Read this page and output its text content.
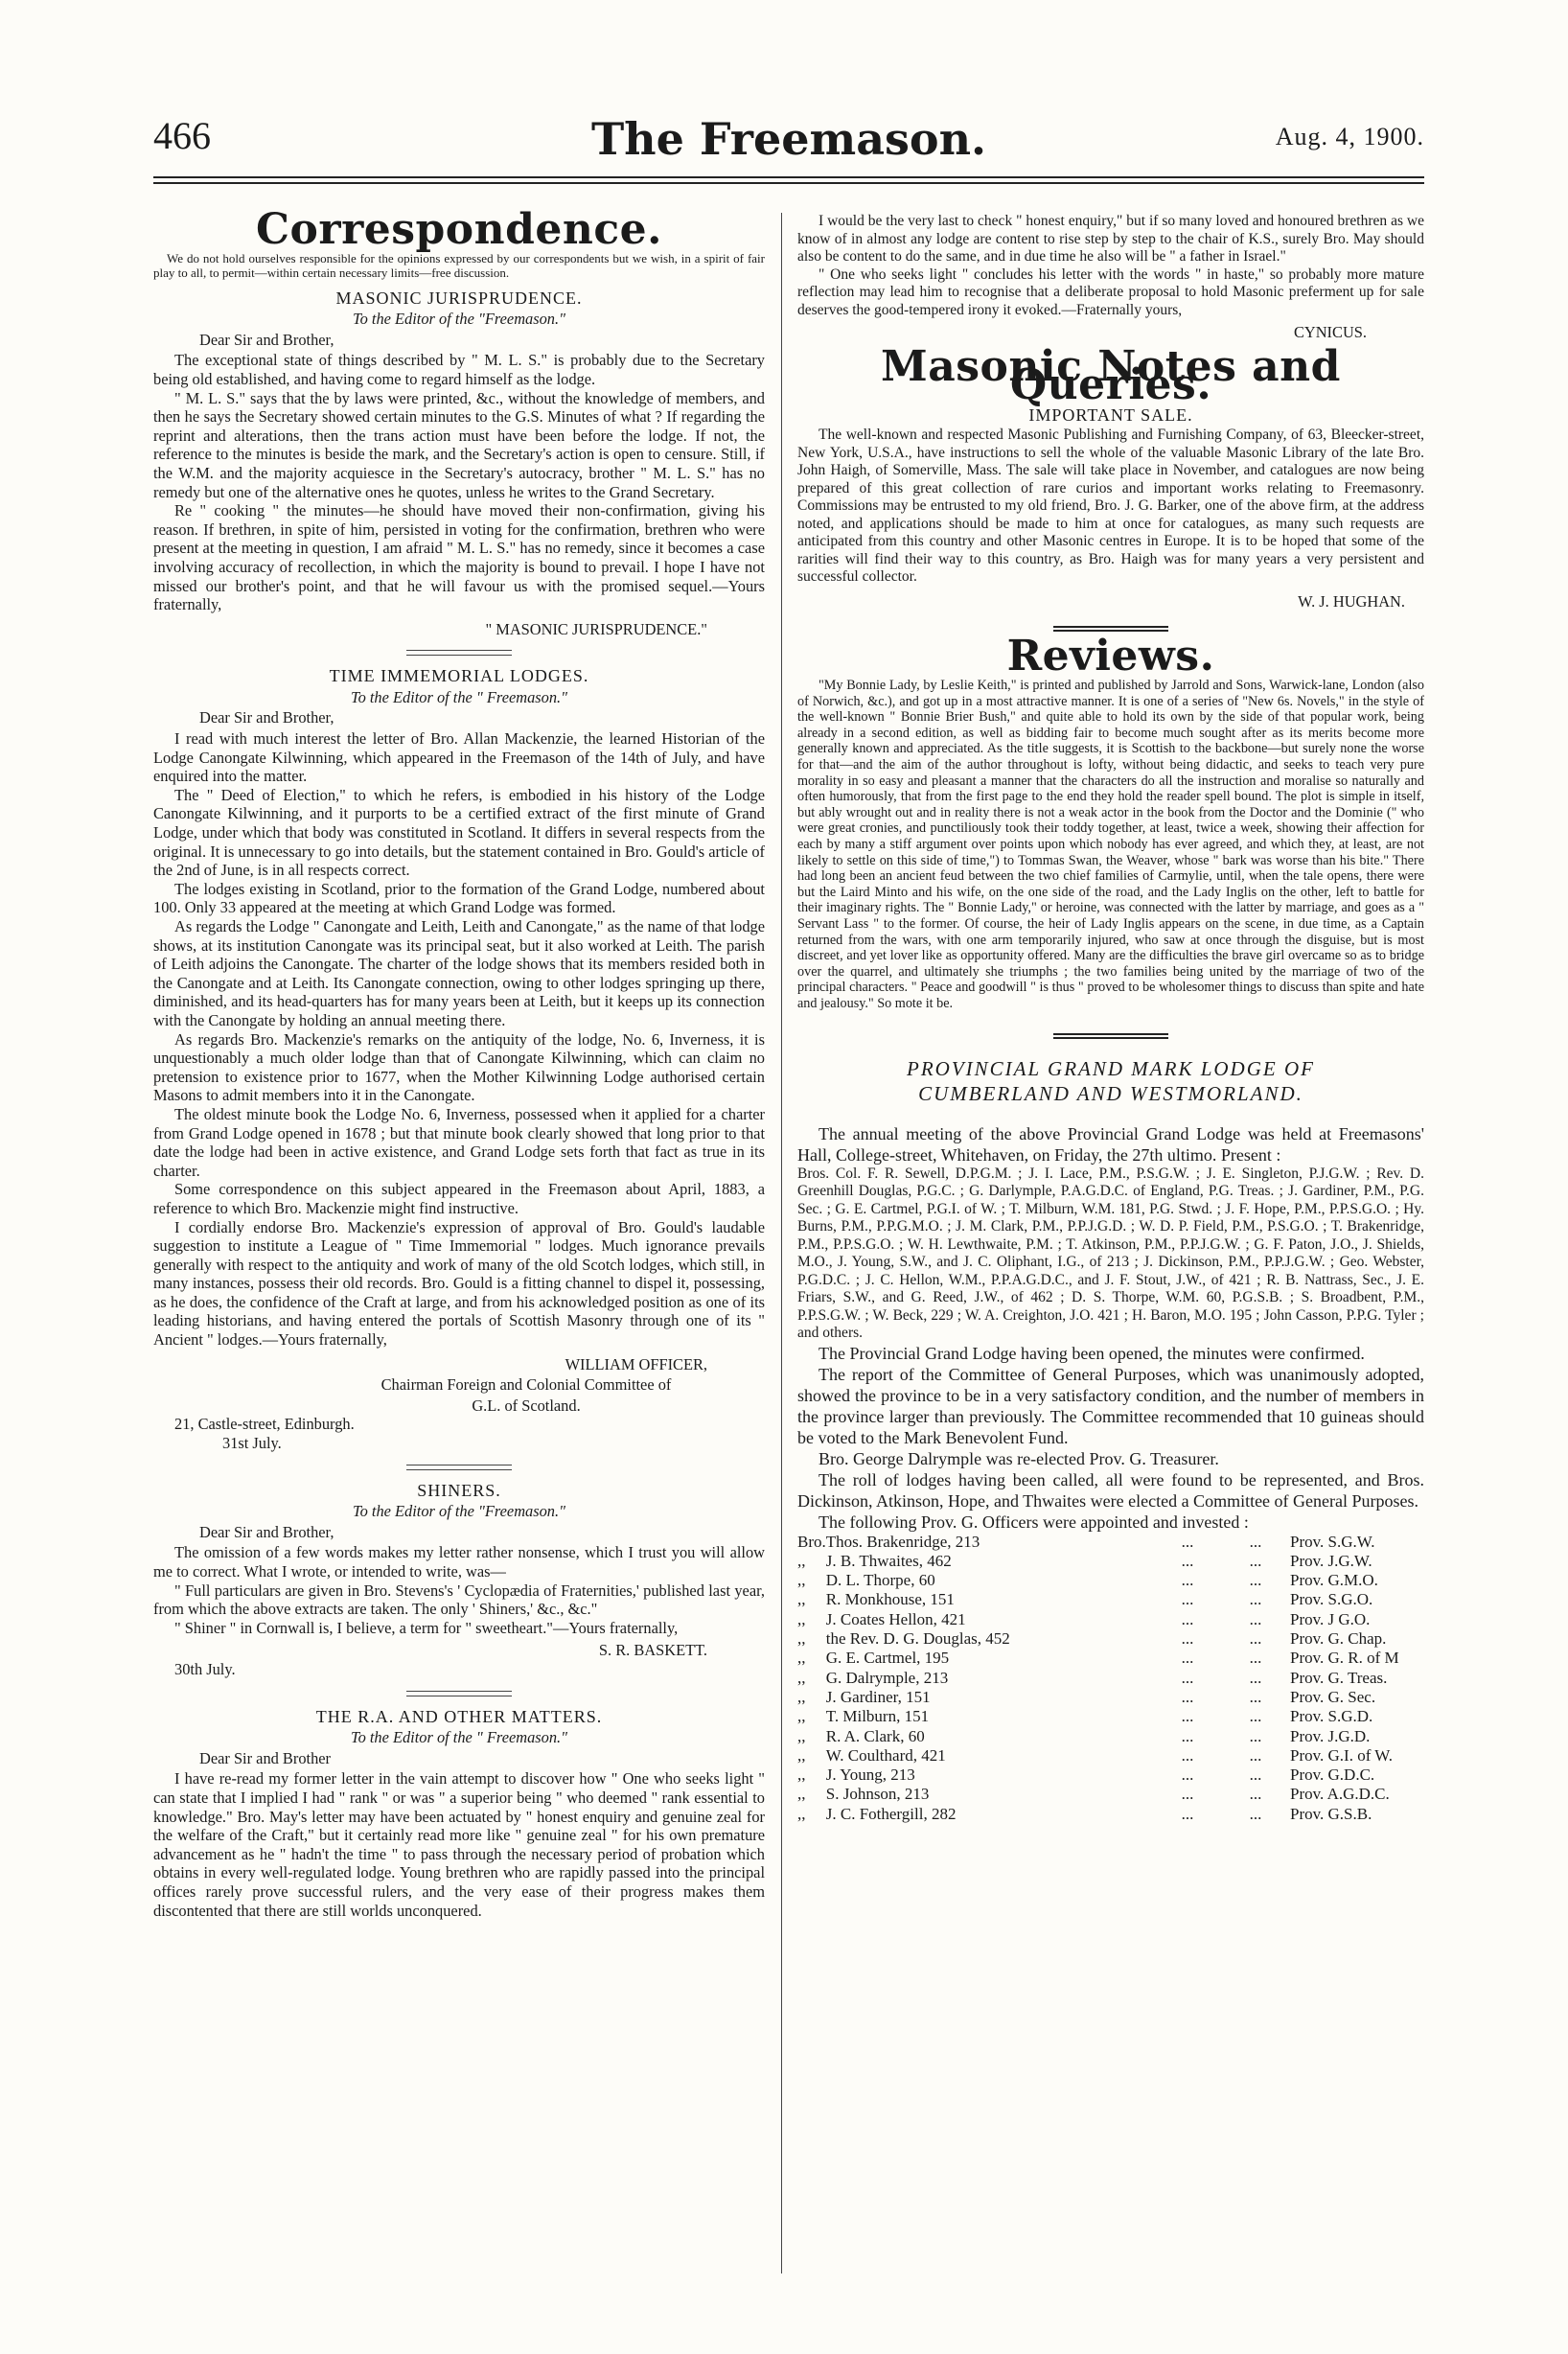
466	The Freemason.	Aug. 4, 1900.
Correspondence.

We do not hold ourselves responsible for the opinions expressed by our correspondents but we wish, in a spirit of fair play to all, to permit—within certain necessary limits—free discussion.

MASONIC JURISPRUDENCE.
To the Editor of the "Freemason."

Dear Sir and Brother,

The exceptional state of things described by " M. L. S." is probably due to the Secretary being old established, and having come to regard himself as the lodge.

" M. L. S." says that the by laws were printed, &c., without the knowledge of members, and then he says the Secretary showed certain minutes to the G.S. Minutes of what ? If regarding the reprint and alterations, then the trans action must have been before the lodge. If not, the reference to the minutes is beside the mark, and the Secretary's action is open to censure. Still, if the W.M. and the majority acquiesce in the Secretary's autocracy, brother " M. L. S." has no remedy but one of the alternative ones he quotes, unless he writes to the Grand Secretary.

Re " cooking " the minutes—he should have moved their non-confirmation, giving his reason. If brethren, in spite of him, persisted in voting for the confirmation, brethren who were present at the meeting in question, I am afraid " M. L. S." has no remedy, since it becomes a case involving accuracy of recollection, in which the majority is bound to prevail. I hope I have not missed our brother's point, and that he will favour us with the promised sequel.—Yours fraternally,

" MASONIC JURISPRUDENCE."

TIME IMMEMORIAL LODGES.
To the Editor of the " Freemason."

Dear Sir and Brother,

I read with much interest the letter of Bro. Allan Mackenzie, the learned Historian of the Lodge Canongate Kilwinning, which appeared in the Freemason of the 14th of July, and have enquired into the matter.

The " Deed of Election," to which he refers, is embodied in his history of the Lodge Canongate Kilwinning, and it purports to be a certified extract of the first minute of Grand Lodge, under which that body was constituted in Scotland. It differs in several respects from the original. It is unnecessary to go into details, but the statement contained in Bro. Gould's article of the 2nd of June, is in all respects correct.

The lodges existing in Scotland, prior to the formation of the Grand Lodge, numbered about 100. Only 33 appeared at the meeting at which Grand Lodge was formed.

As regards the Lodge " Canongate and Leith, Leith and Canongate," as the name of that lodge shows, at its institution Canongate was its principal seat, but it also worked at Leith. The parish of Leith adjoins the Canongate. The charter of the lodge shows that its members resided both in the Canongate and at Leith. Its Canongate connection, owing to other lodges springing up there, diminished, and its head-quarters has for many years been at Leith, but it keeps up its connection with the Canongate by holding an annual meeting there.

As regards Bro. Mackenzie's remarks on the antiquity of the lodge, No. 6, Inverness, it is unquestionably a much older lodge than that of Canongate Kilwinning, which can claim no pretension to existence prior to 1677, when the Mother Kilwinning Lodge authorised certain Masons to admit members into it in the Canongate.

The oldest minute book the Lodge No. 6, Inverness, possessed when it applied for a charter from Grand Lodge opened in 1678 ; but that minute book clearly showed that long prior to that date the lodge had been in active existence, and Grand Lodge sets forth that fact as true in its charter.

Some correspondence on this subject appeared in the Freemason about April, 1883, a reference to which Bro. Mackenzie might find instructive.

I cordially endorse Bro. Mackenzie's expression of approval of Bro. Gould's laudable suggestion to institute a League of " Time Immemorial " lodges. Much ignorance prevails generally with respect to the antiquity and work of many of the old Scotch lodges, which still, in many instances, possess their old records. Bro. Gould is a fitting channel to dispel it, possessing, as he does, the confidence of the Craft at large, and from his acknowledged position as one of its leading historians, and having entered the portals of Scottish Masonry through one of its " Ancient " lodges.—Yours fraternally,

WILLIAM OFFICER,

Chairman Foreign and Colonial Committee of

G.L. of Scotland.

21, Castle-street, Edinburgh.

31st July.

SHINERS.
To the Editor of the "Freemason."

Dear Sir and Brother,

The omission of a few words makes my letter rather nonsense, which I trust you will allow me to correct. What I wrote, or intended to write, was—

" Full particulars are given in Bro. Stevens's ' Cyclopædia of Fraternities,' published last year, from which the above extracts are taken. The only ' Shiners,' &c., &c."

" Shiner " in Cornwall is, I believe, a term for " sweetheart."—Yours fraternally,

S. R. BASKETT.

30th July.

THE R.A. AND OTHER MATTERS.
To the Editor of the " Freemason."

Dear Sir and Brother

I have re-read my former letter in the vain attempt to discover how " One who seeks light " can state that I implied I had " rank " or was " a superior being " who deemed " rank essential to knowledge." Bro. May's letter may have been actuated by " honest enquiry and genuine zeal for the welfare of the Craft," but it certainly read more like " genuine zeal " for his own premature advancement as he " hadn't the time " to pass through the necessary period of probation which obtains in every well-regulated lodge. Young brethren who are rapidly passed into the principal offices rarely prove successful rulers, and the very ease of their progress makes them discontented that there are still worlds unconquered.

I would be the very last to check " honest enquiry," but if so many loved and honoured brethren as we know of in almost any lodge are content to rise step by step to the chair of K.S., surely Bro. May should also be content to do the same, and in due time he also will be " a father in Israel."

" One who seeks light " concludes his letter with the words " in haste," so probably more mature reflection may lead him to recognise that a deliberate proposal to hold Masonic preferment up for sale deserves the good-tempered irony it evoked.—Fraternally yours,

CYNICUS.

Masonic Notes and Queries.
IMPORTANT SALE.

The well-known and respected Masonic Publishing and Furnishing Company, of 63, Bleecker-street, New York, U.S.A., have instructions to sell the whole of the valuable Masonic Library of the late Bro. John Haigh, of Somerville, Mass. The sale will take place in November, and catalogues are now being prepared of this great collection of rare curios and important works relating to Freemasonry. Commissions may be entrusted to my old friend, Bro. J. G. Barker, one of the above firm, at the address noted, and applications should be made to him at once for catalogues, as many such requests are anticipated from this country and other Masonic centres in Europe. It is to be hoped that some of the rarities will find their way to this country, as Bro. Haigh was for many years a very persistent and successful collector.

W. J. HUGHAN.

Reviews.

"My Bonnie Lady, by Leslie Keith," is printed and published by Jarrold and Sons, Warwick-lane, London (also of Norwich, &c.), and got up in a most attractive manner. It is one of a series of "New 6s. Novels," in the style of the well-known " Bonnie Brier Bush," and quite able to hold its own by the side of that popular work, being already in a second edition, as well as bidding fair to become much sought after as its merits become more generally known and appreciated. As the title suggests, it is Scottish to the backbone—but surely none the worse for that—and the aim of the author throughout is lofty, without being didactic, and seeks to teach very pure morality in so easy and pleasant a manner that the characters do all the instruction and moralise so naturally and often humorously, that from the first page to the end they hold the reader spell bound. The plot is simple in itself, but ably wrought out and in reality there is not a weak actor in the book from the Doctor and the Dominie (" who were great cronies, and punctiliously took their toddy together, at least, twice a week, showing their affection for each by many a stiff argument over points upon which nobody has ever agreed, and which they, at least, are not likely to settle on this side of time,") to Tommas Swan, the Weaver, whose " bark was worse than his bite." There had long been an ancient feud between the two chief families of Carmylie, until, when the tale opens, there were but the Laird Minto and his wife, on the one side of the road, and the Lady Inglis on the other, left to battle for their imaginary rights. The " Bonnie Lady," or heroine, was connected with the latter by marriage, and goes as a " Servant Lass " to the former. Of course, the heir of Lady Inglis appears on the scene, in due time, as a Captain returned from the wars, with one arm temporarily injured, who saw at once through the disguise, but is most discreet, and yet lover like as opportunity offered. Many are the difficulties the brave girl overcame so as to bridge over the quarrel, and ultimately she triumphs ; the two families being united by the marriage of two of the principal characters. " Peace and goodwill " is thus " proved to be wholesomer things to discuss than spite and hate and jealousy." So mote it be.

PROVINCIAL GRAND MARK LODGE OF
CUMBERLAND AND WESTMORLAND.

The annual meeting of the above Provincial Grand Lodge was held at Freemasons' Hall, College-street, Whitehaven, on Friday, the 27th ultimo. Present :

Bros. Col. F. R. Sewell, D.P.G.M. ; J. I. Lace, P.M., P.S.G.W. ; J. E. Singleton, P.J.G.W. ; Rev. D. Greenhill Douglas, P.G.C. ; G. Darlymple, P.A.G.D.C. of England, P.G. Treas. ; J. Gardiner, P.M., P.G. Sec. ; G. E. Cartmel, P.G.I. of W. ; T. Milburn, W.M. 181, P.G. Stwd. ; J. F. Hope, P.M., P.P.S.G.O. ; Hy. Burns, P.M., P.P.G.M.O. ; J. M. Clark, P.M., P.P.J.G.D. ; W. D. P. Field, P.M., P.S.G.O. ; T. Brakenridge, P.M., P.P.S.G.O. ; W. H. Lewthwaite, P.M. ; T. Atkinson, P.M., P.P.J.G.W. ; G. F. Paton, J.O., J. Shields, M.O., J. Young, S.W., and J. C. Oliphant, I.G., of 213 ; J. Dickinson, P.M., P.P.J.G.W. ; Geo. Webster, P.G.D.C. ; J. C. Hellon, W.M., P.P.A.G.D.C., and J. F. Stout, J.W., of 421 ; R. B. Nattrass, Sec., J. E. Friars, S.W., and G. Reed, J.W., of 462 ; D. S. Thorpe, W.M. 60, P.G.S.B. ; S. Broadbent, P.M., P.P.S.G.W. ; W. Beck, 229 ; W. A. Creighton, J.O. 421 ; H. Baron, M.O. 195 ; John Casson, P.P.G. Tyler ; and others.

The Provincial Grand Lodge having been opened, the minutes were confirmed.

The report of the Committee of General Purposes, which was unanimously adopted, showed the province to be in a very satisfactory condition, and the number of members in the province larger than previously. The Committee recommended that 10 guineas should be voted to the Mark Benevolent Fund.

Bro. George Dalrymple was re-elected Prov. G. Treasurer.

The roll of lodges having been called, all were found to be represented, and Bros. Dickinson, Atkinson, Hope, and Thwaites were elected a Committee of General Purposes.

The following Prov. G. Officers were appointed and invested :

Bro.	Thos. Brakenridge, 213	...	...	Prov. S.G.W.
,,	J. B. Thwaites, 462	...	...	Prov. J.G.W.
,,	D. L. Thorpe, 60	...	...	Prov. G.M.O.
,,	R. Monkhouse, 151	...	...	Prov. S.G.O.
,,	J. Coates Hellon, 421	...	...	Prov. J G.O.
,,	the Rev. D. G. Douglas, 452	...	...	Prov. G. Chap.
,,	G. E. Cartmel, 195	...	...	Prov. G. R. of M
,,	G. Dalrymple, 213	...	...	Prov. G. Treas.
,,	J. Gardiner, 151	...	...	Prov. G. Sec.
,,	T. Milburn, 151	...	...	Prov. S.G.D.
,,	R. A. Clark, 60	...	...	Prov. J.G.D.
,,	W. Coulthard, 421	...	...	Prov. G.I. of W.
,,	J. Young, 213	...	...	Prov. G.D.C.
,,	S. Johnson, 213	...	...	Prov. A.G.D.C.
,,	J. C. Fothergill, 282	...	...	Prov. G.S.B.
